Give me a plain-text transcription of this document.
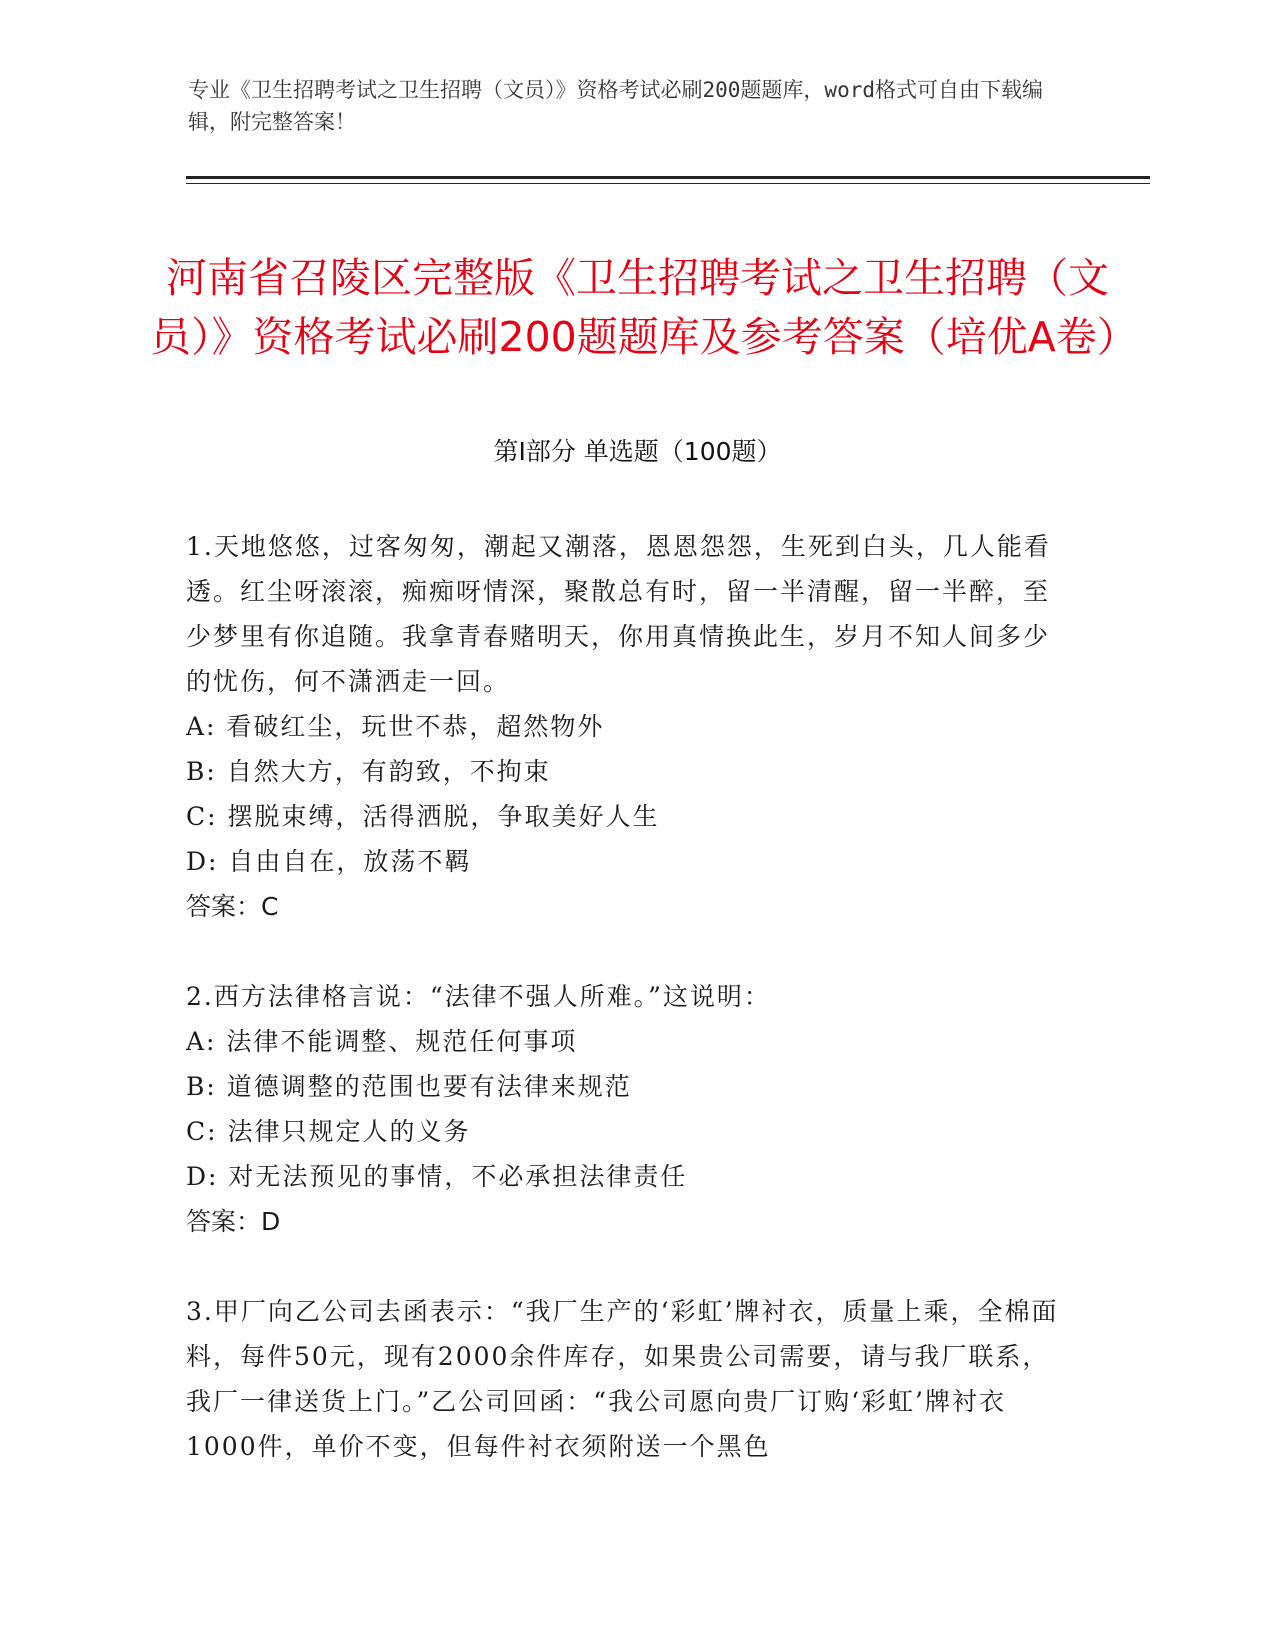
专业《卫生招聘考试之卫生招聘（文员）》资格考试必刷200题题库，word格式可自由下载编辑，附完整答案！
河南省召陵区完整版《卫生招聘考试之卫生招聘（文员）》资格考试必刷200题题库及参考答案（培优A卷）
第Ⅰ部分 单选题（100题）
1.天地悠悠，过客匆匆，潮起又潮落，恩恩怨怨，生死到白头，几人能看透。红尘呀滚滚，痴痴呀情深，聚散总有时，留一半清醒，留一半醉，至少梦里有你追随。我拿青春赌明天，你用真情换此生，岁月不知人间多少的忧伤，何不潇洒走一回。
A: 看破红尘，玩世不恭，超然物外
B: 自然大方，有韵致，不拘束
C: 摆脱束缚，活得洒脱，争取美好人生
D: 自由自在，放荡不羁
答案：C
2.西方法律格言说：“法律不强人所难。”这说明：
A: 法律不能调整、规范任何事项
B: 道德调整的范围也要有法律来规范
C: 法律只规定人的义务
D: 对无法预见的事情，不必承担法律责任
答案：D
3.甲厂向乙公司去函表示：“我厂生产的‘彩虹’牌衬衣，质量上乘，全棉面料，每件50元，现有2000余件库存，如果贵公司需要，请与我厂联系，我厂一律送货上门。”乙公司回函：“我公司愿向贵厂订购‘彩虹’牌衬衣1000件，单价不变，但每件衬衣须附送一个黑色
